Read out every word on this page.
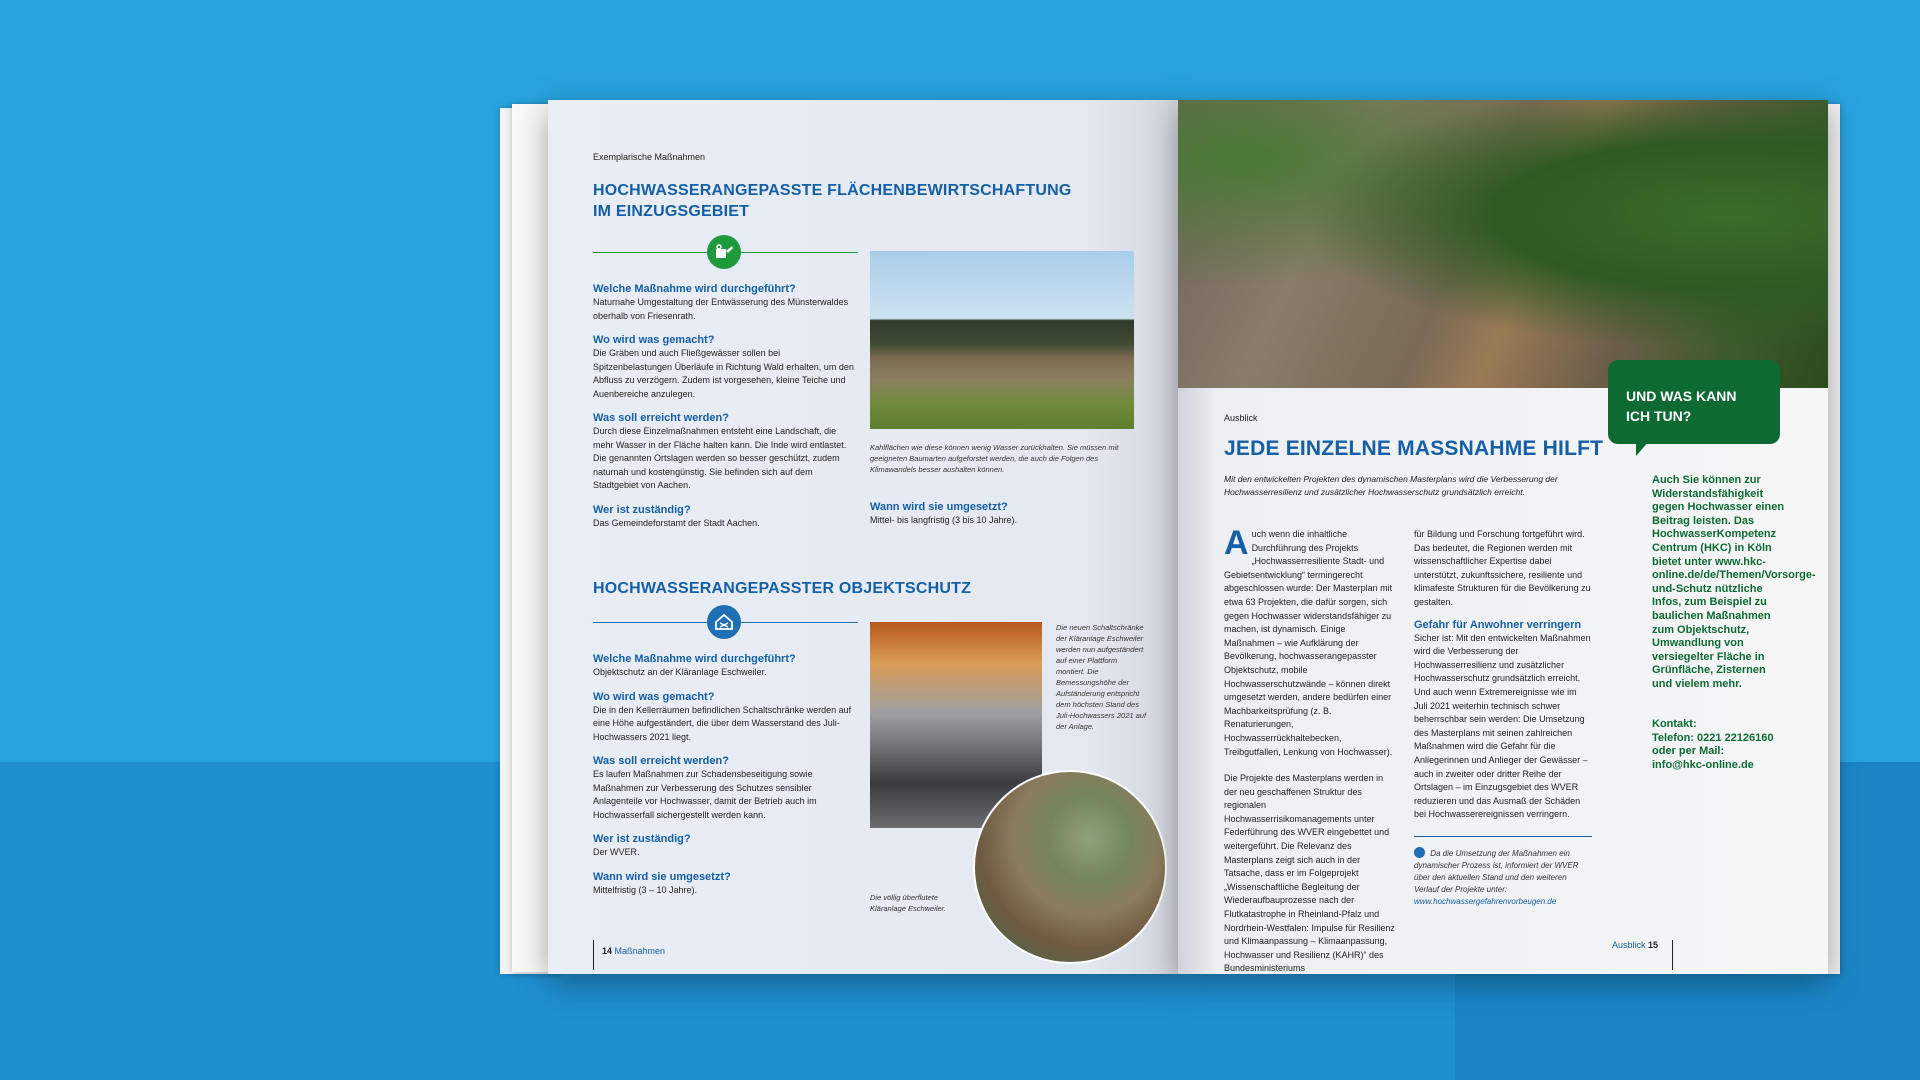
Exemplarische Maßnahmen
HOCHWASSERANGEPASSTE FLÄCHENBEWIRTSCHAFTUNG
IM EINZUGSGEBIET
Welche Maßnahme wird durchgeführt?
Naturnahe Umgestaltung der Entwässerung des Münsterwaldes oberhalb von Friesenrath.
Wo wird was gemacht?
Die Gräben und auch Fließgewässer sollen bei Spitzenbelastungen Überläufe in Richtung Wald erhalten, um den Abfluss zu verzögern. Zudem ist vorgesehen, kleine Teiche und Auenbereiche anzulegen.
Was soll erreicht werden?
Durch diese Einzelmaßnahmen entsteht eine Landschaft, die mehr Wasser in der Fläche halten kann. Die Inde wird entlastet. Die genannten Ortslagen werden so besser geschützt, zudem naturnah und kostengünstig. Sie befinden sich auf dem Stadtgebiet von Aachen.
Wer ist zuständig?
Das Gemeindeforstamt der Stadt Aachen.
Kahlflächen wie diese können wenig Wasser zurückhalten. Sie müssen mit geeigneten Baumarten aufgeforstet werden, die auch die Folgen des Klimawandels besser aushalten können.
Wann wird sie umgesetzt?
Mittel- bis langfristig (3 bis 10 Jahre).
HOCHWASSERANGEPASSTER OBJEKTSCHUTZ
Welche Maßnahme wird durchgeführt?
Objektschutz an der Kläranlage Eschweiler.
Wo wird was gemacht?
Die in den Kellerräumen befindlichen Schaltschränke werden auf eine Höhe aufgeständert, die über dem Wasserstand des Juli-Hochwassers 2021 liegt.
Was soll erreicht werden?
Es laufen Maßnahmen zur Schadensbeseitigung sowie Maßnahmen zur Verbesserung des Schutzes sensibler Anlagenteile vor Hochwasser, damit der Betrieb auch im Hochwasserfall sichergestellt werden kann.
Wer ist zuständig?
Der WVER.
Wann wird sie umgesetzt?
Mittelfristig (3 – 10 Jahre).
Die neuen Schaltschränke der Kläranlage Eschweiler werden nun aufgeständert auf einer Plattform montiert. Die Bemessungshöhe der Aufständerung entspricht dem höchsten Stand des Juli-Hochwassers 2021 auf der Anlage.
Die völlig überflutete Kläranlage Eschweiler.
14 Maßnahmen
Ausblick
JEDE EINZELNE MASSNAHME HILFT
Mit den entwickelten Projekten des dynamischen Masterplans wird die Verbesserung der Hochwasserresilienz und zusätzlicher Hochwasserschutz grundsätzlich erreicht.
A uch wenn die inhaltliche Durchführung des Projekts „Hochwasserresiliente Stadt- und Gebietsentwicklung“ termingerecht abgeschlossen wurde: Der Masterplan mit etwa 63 Projekten, die dafür sorgen, sich gegen Hochwasser widerstandsfähiger zu machen, ist dynamisch. Einige Maßnahmen – wie Aufklärung der Bevölkerung, hochwasserangepasster Objektschutz, mobile Hochwasserschutzwände – können direkt umgesetzt werden, andere bedürfen einer Machbarkeitsprüfung (z. B. Renaturierungen, Hochwasserrückhaltebecken, Treibgutfallen, Lenkung von Hochwasser).
Die Projekte des Masterplans werden in der neu geschaffenen Struktur des regionalen Hochwasserrisikomanagements unter Federführung des WVER eingebettet und weitergeführt. Die Relevanz des Masterplans zeigt sich auch in der Tatsache, dass er im Folgeprojekt „Wissenschaftliche Begleitung der Wiederaufbauprozesse nach der Flutkatastrophe in Rheinland-Pfalz und Nordrhein-Westfalen: Impulse für Resilienz und Klimaanpassung – Klimaanpassung, Hochwasser und Resilienz (KAHR)“ des Bundesministeriums
für Bildung und Forschung fortgeführt wird. Das bedeutet, die Regionen werden mit wissenschaftlicher Expertise dabei unterstützt, zukunftssichere, resiliente und klimafeste Strukturen für die Bevölkerung zu gestalten.
Gefahr für Anwohner verringern
Sicher ist: Mit den entwickelten Maßnahmen wird die Verbesserung der Hochwasserresilienz und zusätzlicher Hochwasserschutz grundsätzlich erreicht. Und auch wenn Extremereignisse wie im Juli 2021 weiterhin technisch schwer beherrschbar sein werden: Die Umsetzung des Masterplans mit seinen zahlreichen Maßnahmen wird die Gefahr für die Anliegerinnen und Anlieger der Gewässer – auch in zweiter oder dritter Reihe der Ortslagen – im Einzugsgebiet des WVER reduzieren und das Ausmaß der Schäden bei Hochwasserereignissen verringern.
Da die Umsetzung der Maßnahmen ein dynamischer Prozess ist, informiert der WVER über den aktuellen Stand und den weiteren Verlauf der Projekte unter:
www.hochwassergefahrenvorbeugen.de
Ausblick 15
UND WAS KANN
ICH TUN?
Auch Sie können zur Widerstandsfähigkeit gegen Hochwasser einen Beitrag leisten. Das HochwasserKompetenz Centrum (HKC) in Köln bietet unter www.hkc-online.de/de/Themen/Vorsorge-und-Schutz nützliche Infos, zum Beispiel zu baulichen Maßnahmen zum Objektschutz, Umwandlung von versiegelter Fläche in Grünfläche, Zisternen und vielem mehr.
Kontakt:
Telefon: 0221 22126160
oder per Mail:
info@hkc-online.de
